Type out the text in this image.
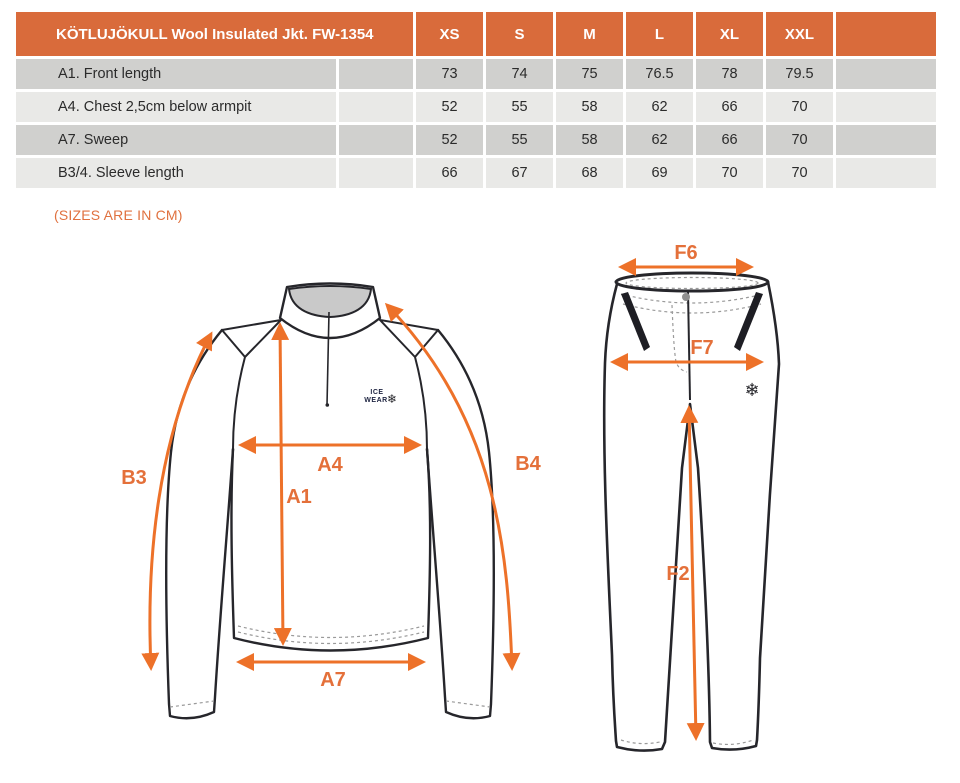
KÖTLUJÖKULL Wool Insulated Jkt. FW-1354		XS	S	M	L	XL	XXL	
A1. Front length		73	74	75	76.5	78	79.5	
A4. Chest 2,5cm below armpit		52	55	58	62	66	70	
A7. Sweep		52	55	58	62	66	70	
B3/4. Sleeve length		66	67	68	69	70	70	
(SIZES ARE IN CM)
ICE
WEAR ❄
B3
B4
A4
A1
A7
❄
F6
F7
F2
